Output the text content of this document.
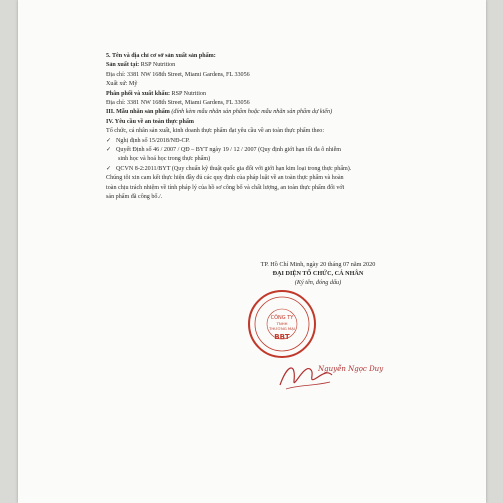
5. Tên và địa chỉ cơ sở sản xuất sản phẩm:
Sản xuất tại: RSP Nutrition
Địa chỉ: 3381 NW 168th Street, Miami Gardens, FL 33056
Xuất xứ: Mỹ
Phân phối và xuất khẩu: RSP Nutrition
Địa chỉ: 3381 NW 168th Street, Miami Gardens, FL 33056
III. Mẫu nhãn sản phẩm (đính kèm mẫu nhãn sản phẩm hoặc mẫu nhãn sản phẩm dự kiến)
IV. Yêu cầu về an toàn thực phẩm
Tổ chức, cá nhân sản xuất, kinh doanh thực phẩm đạt yêu cầu về an toàn thực phẩm theo:
✓ Nghị định số 15/2018/NĐ-CP.
✓ Quyết Định số 46 / 2007 / QĐ – BYT ngày 19 / 12 / 2007 (Quy định giới hạn tối đa ô nhiễm
sinh học và hoá học trong thực phẩm)
✓ QCVN 8-2:2011/BYT (Quy chuẩn kỹ thuật quốc gia đối với giới hạn kim loại trong thực phẩm).
Chúng tôi xin cam kết thực hiện đầy đủ các quy định của pháp luật về an toàn thực phẩm và hoàn
toàn chịu trách nhiệm về tính pháp lý của hồ sơ công bố và chất lượng, an toàn thực phẩm đối với
sản phẩm đã công bố./.
TP. Hồ Chí Minh, ngày 20 tháng 07 năm 2020
ĐẠI DIỆN TỔ CHỨC, CÁ NHÂN
(Ký tên, đóng dấu)
CÔNG TY
TNHH
THƯƠNG MẠI
BBT
Nguyễn Ngọc Duy
